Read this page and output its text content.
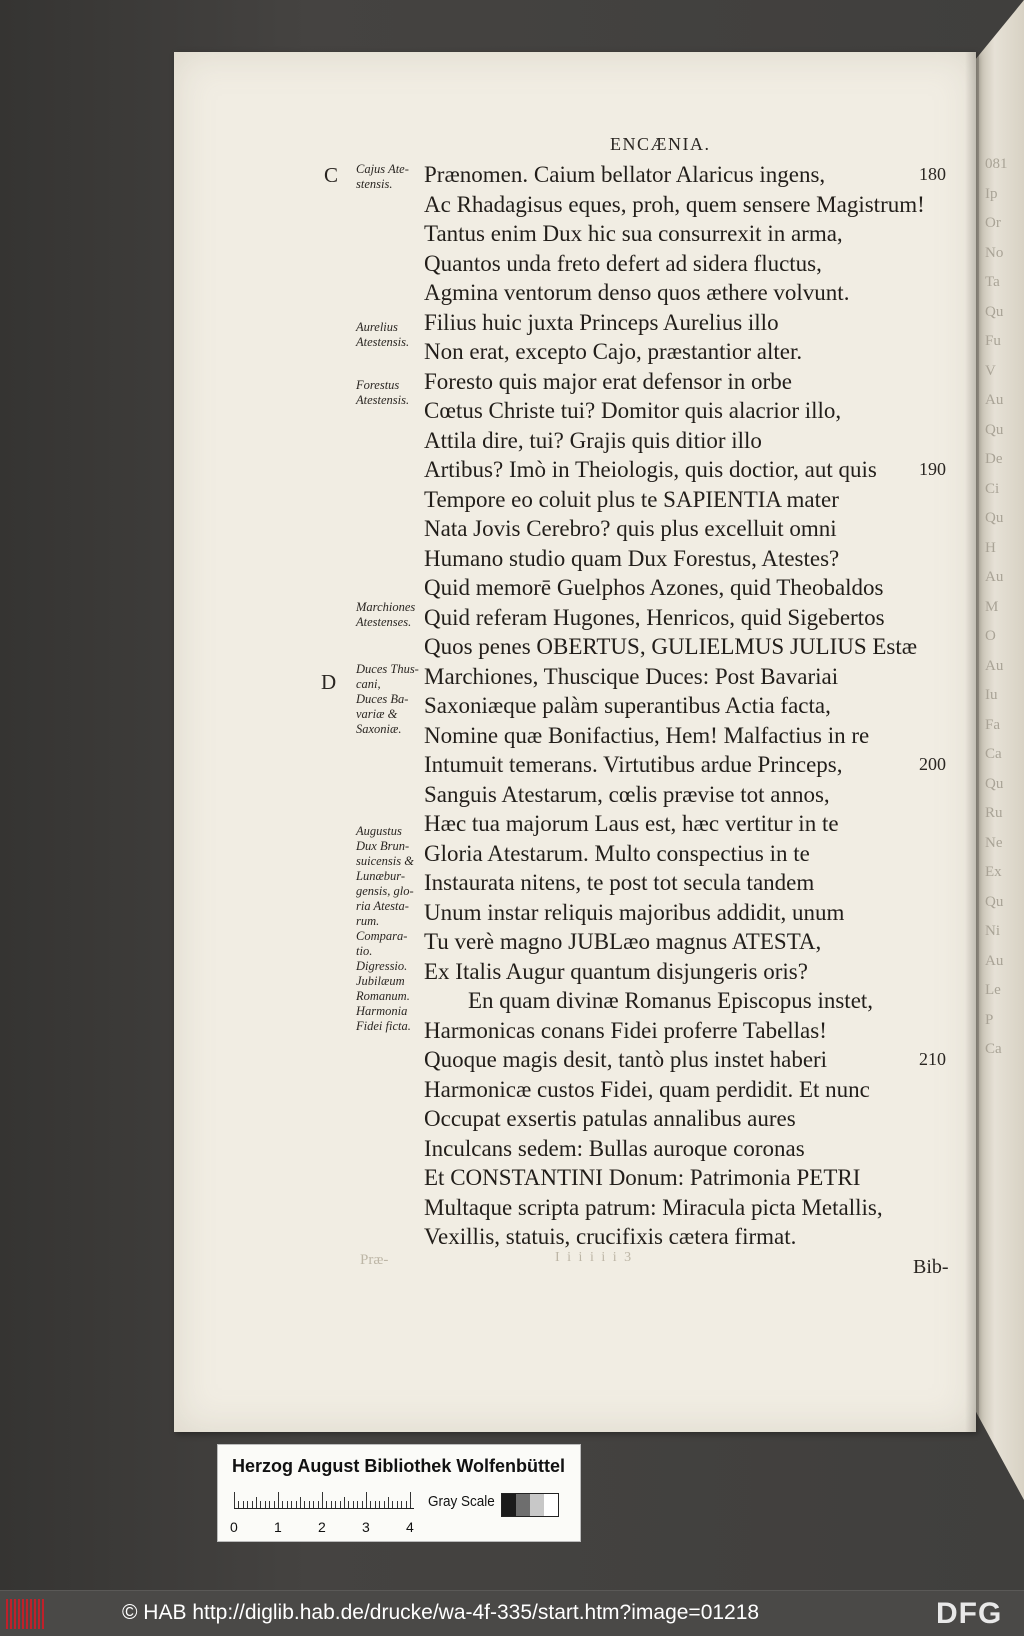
081
Ip
Or
No
Ta
Qu
Fu
V
Au
Qu
De
Ci
Qu
H
Au
M
O
Au
Iu
Fa
Ca
Qu
Ru
Ne
Ex
Qu
Ni
Au
Le
P
Ca
ENCÆNIA.
C
D
Prænomen. Caium bellator Alaricus ingens,	180
Ac Rhadagisus eques, proh, quem sensere Magistrum!
Tantus enim Dux hic sua consurrexit in arma,
Quantos unda freto defert ad sidera fluctus,
Agmina ventorum denso quos æthere volvunt.
Filius huic juxta Princeps Aurelius illo
Non erat, excepto Cajo, præstantior alter.
Foresto quis major erat defensor in orbe
Cœtus Christe tui? Domitor quis alacrior illo,
Attila dire, tui? Grajis quis ditior illo
Artibus? Imò in Theiologis, quis doctior, aut quis 190
Tempore eo coluit plus te SAPIENTIA mater
Nata Jovis Cerebro? quis plus excelluit omni
Humano studio quam Dux Forestus, Atestes?
Quid memorē Guelphos Azones, quid Theobaldos
Quid referam Hugones, Henricos, quid Sigebertos
Quos penes OBERTUS, GULIELMUS JULIUS Estæ
Marchiones, Thuscique Duces: Post Bavariai
Saxoniæque palàm superantibus Actia facta,
Nomine quæ Bonifactius, Hem! Malfactius in re
Intumuit temerans. Virtutibus ardue Princeps,	200
Sanguis Atestarum, cœlis prævise tot annos,
Hæc tua majorum Laus est, hæc vertitur in te
Gloria Atestarum. Multo conspectius in te
Instaurata nitens, te post tot secula tandem
Unum instar reliquis majoribus addidit, unum
Tu verè magno JUBLæo magnus ATESTA,
Ex Italis Augur quantum disjungeris oris?
En quam divinæ Romanus Episcopus instet,
Harmonicas conans Fidei proferre Tabellas!
Quoque magis desit, tantò plus instet haberi	210
Harmonicæ custos Fidei, quam perdidit. Et nunc
Occupat exsertis patulas annalibus aures
Inculcans sedem: Bullas auroque coronas
Et CONSTANTINI Donum: Patrimonia PETRI
Multaque scripta patrum: Miracula picta Metallis,
Vexillis, statuis, crucifixis cætera firmat.
Cajus Ate-
stensis.
Aurelius
Atestensis.
Forestus
Atestensis.
Marchiones
Atestenses.
Duces Thus-
cani,
Duces Ba-
variæ &
Saxoniæ.
Augustus
Dux Brun-
suicensis &
Lunæbur-
gensis, glo-
ria Atesta-
rum.
Compara-
tio.
Digressio.
Jubilæum
Romanum.
Harmonia
Fidei ficta.
Præ-	I i i i i i 3	Bib-
Herzog August Bibliothek Wolfenbüttel
0	1	2	3	4
Gray Scale
© HAB http://diglib.hab.de/drucke/wa-4f-335/start.htm?image=01218	DFG
